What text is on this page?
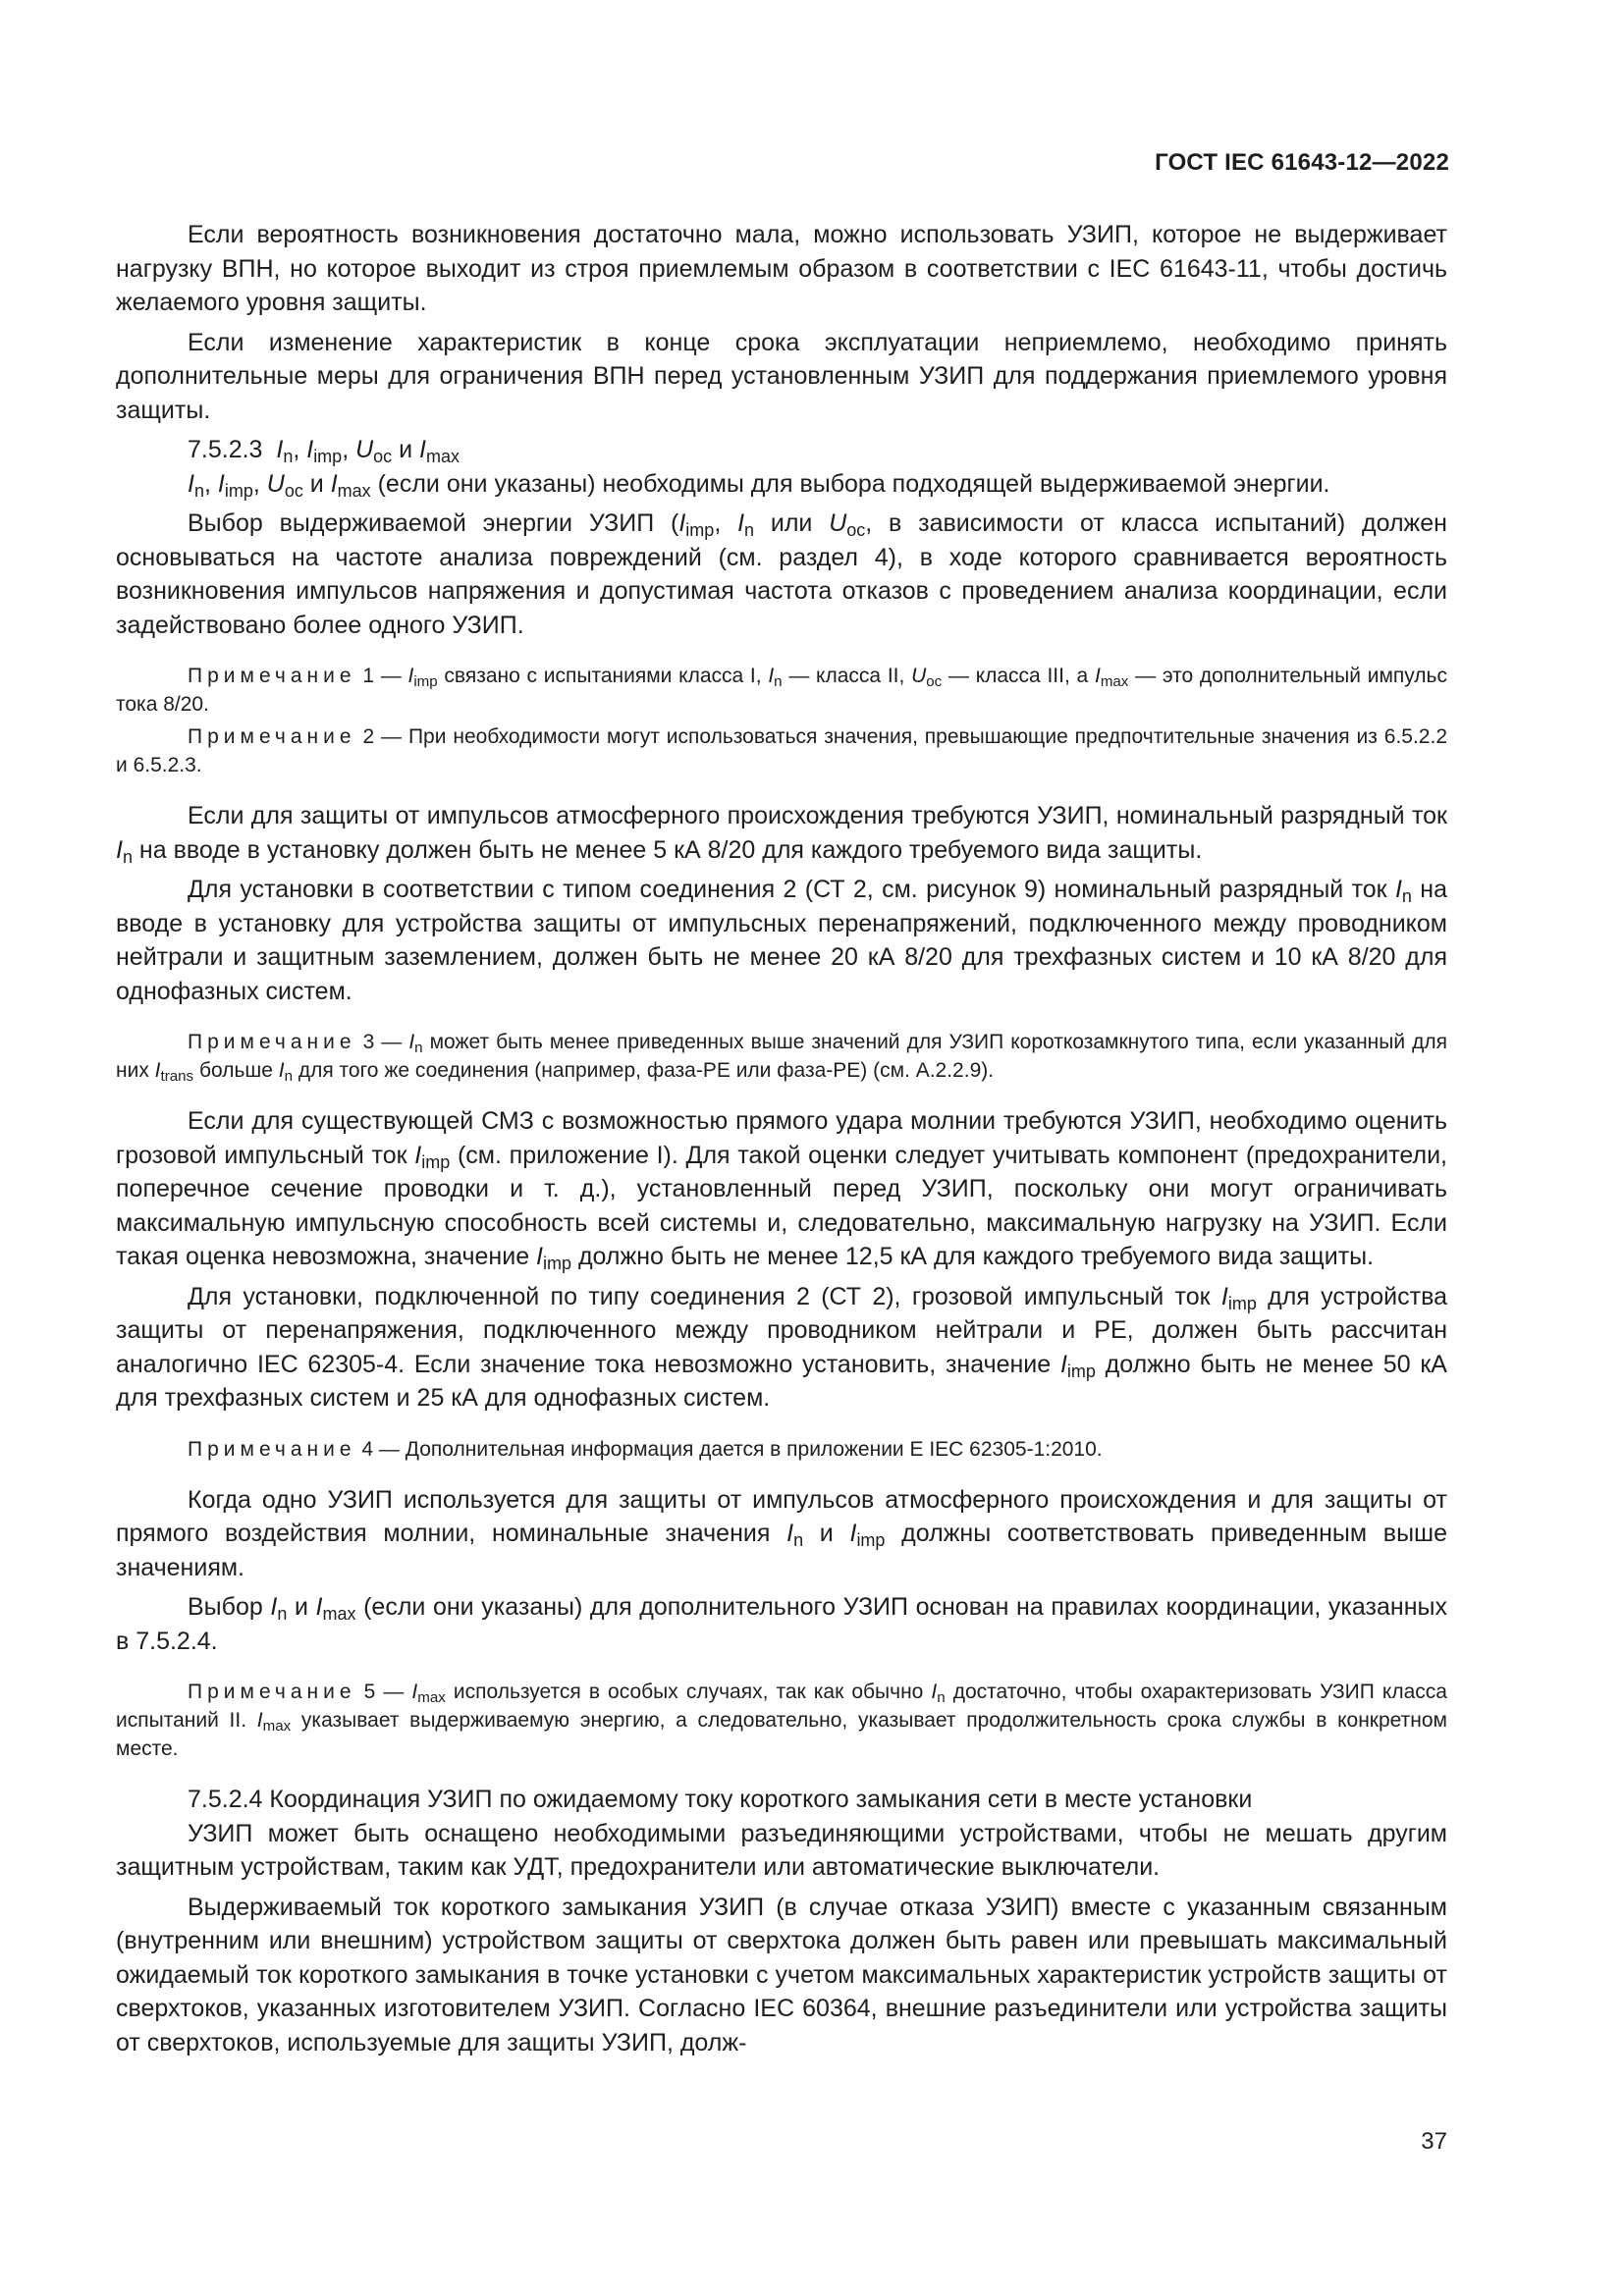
ГОСТ IEC 61643-12—2022

Если вероятность возникновения достаточно мала, можно использовать УЗИП, которое не выдерживает нагрузку ВПН, но которое выходит из строя приемлемым образом в соответствии с IEC 61643-11, чтобы достичь желаемого уровня защиты.

Если изменение характеристик в конце срока эксплуатации неприемлемо, необходимо принять дополнительные меры для ограничения ВПН перед установленным УЗИП для поддержания приемлемого уровня защиты.

7.5.2.3 $I_n$, $I_{imp}$, $U_{oc}$ и $I_{max}$

$I_n$, $I_{imp}$, $U_{oc}$ и $I_{max}$ (если они указаны) необходимы для выбора подходящей выдерживаемой энергии.

Выбор выдерживаемой энергии УЗИП ($I_{imp}$, $I_n$ или $U_{oc}$, в зависимости от класса испытаний) должен основываться на частоте анализа повреждений (см. раздел 4), в ходе которого сравнивается вероятность возникновения импульсов напряжения и допустимая частота отказов с проведением анализа координации, если задействовано более одного УЗИП.

Примечание 1 — $I_{imp}$ связано с испытаниями класса I, $I_n$ — класса II, $U_{oc}$ — класса III, а $I_{max}$ — это дополнительный импульс тока 8/20.

Примечание 2 — При необходимости могут использоваться значения, превышающие предпочтительные значения из 6.5.2.2 и 6.5.2.3.

Если для защиты от импульсов атмосферного происхождения требуются УЗИП, номинальный разрядный ток $I_n$ на вводе в установку должен быть не менее 5 кА 8/20 для каждого требуемого вида защиты.

Для установки в соответствии с типом соединения 2 (СТ 2, см. рисунок 9) номинальный разрядный ток $I_n$ на вводе в установку для устройства защиты от импульсных перенапряжений, подключенного между проводником нейтрали и защитным заземлением, должен быть не менее 20 кА 8/20 для трехфазных систем и 10 кА 8/20 для однофазных систем.

Примечание 3 — $I_n$ может быть менее приведенных выше значений для УЗИП короткозамкнутого типа, если указанный для них $I_{trans}$ больше $I_n$ для того же соединения (например, фаза-PE или фаза-PE) (см. А.2.2.9).

Если для существующей СМЗ с возможностью прямого удара молнии требуются УЗИП, необходимо оценить грозовой импульсный ток $I_{imp}$ (см. приложение I). Для такой оценки следует учитывать компонент (предохранители, поперечное сечение проводки и т. д.), установленный перед УЗИП, поскольку они могут ограничивать максимальную импульсную способность всей системы и, следовательно, максимальную нагрузку на УЗИП. Если такая оценка невозможна, значение $I_{imp}$ должно быть не менее 12,5 кА для каждого требуемого вида защиты.

Для установки, подключенной по типу соединения 2 (СТ 2), грозовой импульсный ток $I_{imp}$ для устройства защиты от перенапряжения, подключенного между проводником нейтрали и PE, должен быть рассчитан аналогично IEC 62305-4. Если значение тока невозможно установить, значение $I_{imp}$ должно быть не менее 50 кА для трехфазных систем и 25 кА для однофазных систем.

Примечание 4 — Дополнительная информация дается в приложении Е IEC 62305-1:2010.

Когда одно УЗИП используется для защиты от импульсов атмосферного происхождения и для защиты от прямого воздействия молнии, номинальные значения $I_n$ и $I_{imp}$ должны соответствовать приведенным выше значениям.

Выбор $I_n$ и $I_{max}$ (если они указаны) для дополнительного УЗИП основан на правилах координации, указанных в 7.5.2.4.

Примечание 5 — $I_{max}$ используется в особых случаях, так как обычно $I_n$ достаточно, чтобы охарактеризовать УЗИП класса испытаний II. $I_{max}$ указывает выдерживаемую энергию, а следовательно, указывает продолжительность срока службы в конкретном месте.

7.5.2.4 Координация УЗИП по ожидаемому току короткого замыкания сети в месте установки

УЗИП может быть оснащено необходимыми разъединяющими устройствами, чтобы не мешать другим защитным устройствам, таким как УДТ, предохранители или автоматические выключатели.

Выдерживаемый ток короткого замыкания УЗИП (в случае отказа УЗИП) вместе с указанным связанным (внутренним или внешним) устройством защиты от сверхтока должен быть равен или превышать максимальный ожидаемый ток короткого замыкания в точке установки с учетом максимальных характеристик устройств защиты от сверхтоков, указанных изготовителем УЗИП. Согласно IEC 60364, внешние разъединители или устройства защиты от сверхтоков, используемые для защиты УЗИП, долж-

37
